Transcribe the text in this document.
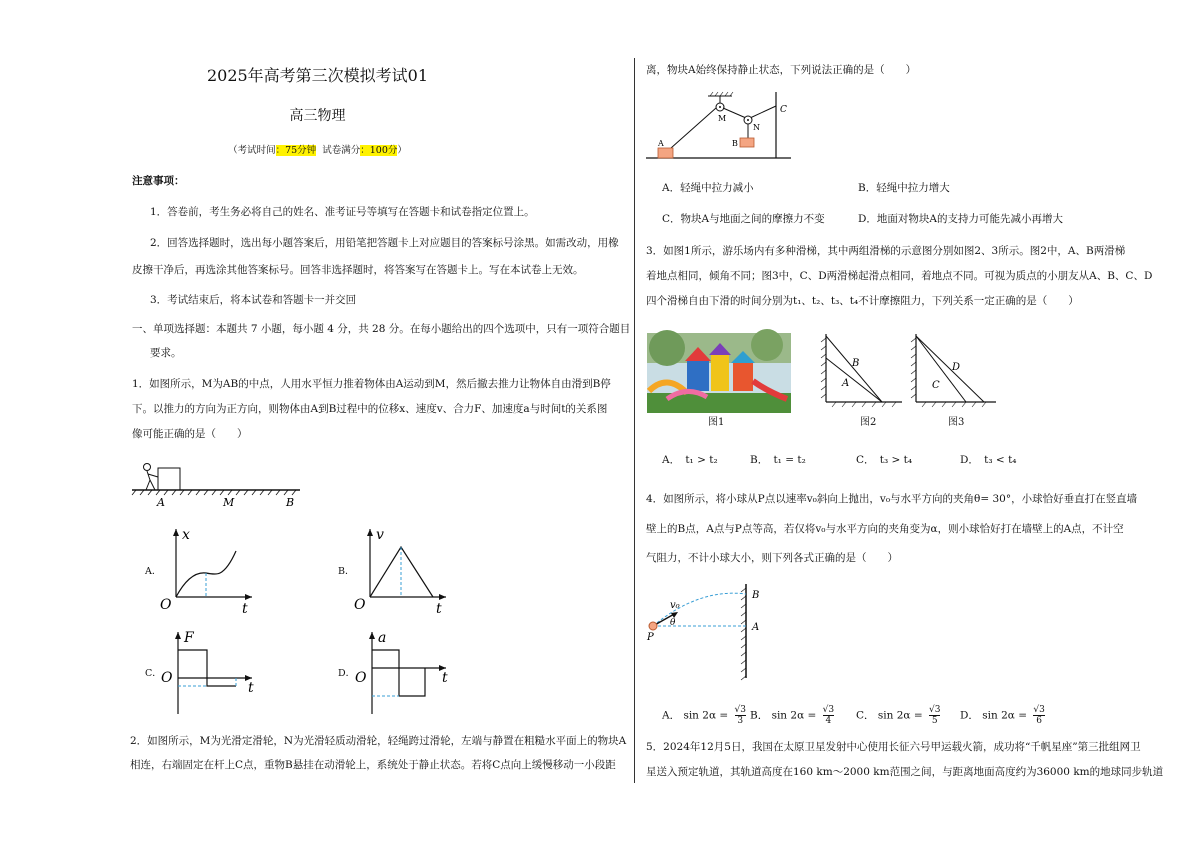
2025年高考第三次模拟考试01
高三物理
（考试时间：75分钟 试卷满分：100分）
注意事项：
1．答卷前，考生务必将自己的姓名、准考证号等填写在答题卡和试卷指定位置上。
2．回答选择题时，选出每小题答案后，用铅笔把答题卡上对应题目的答案标号涂黑。如需改动，用橡
皮擦干净后，再选涂其他答案标号。回答非选择题时，将答案写在答题卡上。写在本试卷上无效。
3．考试结束后，将本试卷和答题卡一并交回
一、单项选择题：本题共 7 小题，每小题 4 分，共 28 分。在每小题给出的四个选项中，只有一项符合题目
要求。
1．如图所示，M为AB的中点，人用水平恒力推着物体由A运动到M，然后撤去推力让物体自由滑到B停
下。以推力的方向为正方向，则物体由A到B过程中的位移x、速度v、合力F、加速度a与时间t的关系图
像可能正确的是（　　）
A	M	B
A．
x
t
O
B．
v
t
O
C．
F
t
O	D．
a
t
O
2．如图所示，M为光滑定滑轮，N为光滑轻质动滑轮，轻绳跨过滑轮，左端与静置在粗糙水平面上的物块A
相连，右端固定在杆上C点，重物B悬挂在动滑轮上，系统处于静止状态。若将C点向上缓慢移动一小段距
离，物块A始终保持静止状态，下列说法正确的是（　　）
M
N
C
A	B
A．轻绳中拉力减小	B．轻绳中拉力增大
C．物块A与地面之间的摩擦力不变	D．地面对物块A的支持力可能先减小再增大
3．如图1所示，游乐场内有多种滑梯，其中两组滑梯的示意图分别如图2、3所示。图2中，A、B两滑梯
着地点相同，倾角不同；图3中，C、D两滑梯起滑点相同，着地点不同。可视为质点的小朋友从A、B、C、D
四个滑梯自由下滑的时间分别为t₁、t₂、t₃、t₄不计摩擦阻力，下列关系一定正确的是（　　）
图1
B
A
图2
D
C
图3
A．　t₁ > t₂	B．　t₁ = t₂	C．　t₃ > t₄	D．　t₃ < t₄
4．如图所示，将小球从P点以速率v₀斜向上抛出，v₀与水平方向的夹角θ= 30°，小球恰好垂直打在竖直墙
壁上的B点，A点与P点等高，若仅将v₀与水平方向的夹角变为α，则小球恰好打在墙壁上的A点，不计空
气阻力，不计小球大小，则下列各式正确的是（　　）
v₀
θ
P
B
A
A． $\sin 2\alpha = \frac{√3}{3}$ B． $\sin 2\alpha = \frac{√3}{4}$ C． $\sin 2\alpha = \frac{√3}{5}$ D． $\sin 2\alpha = \frac{√3}{6}$
5．2024年12月5日，我国在太原卫星发射中心使用长征六号甲运载火箭，成功将“千帆星座”第三批组网卫
星送入预定轨道，其轨道高度在160 km～2000 km范围之间，与距离地面高度约为36000 km的地球同步轨道
